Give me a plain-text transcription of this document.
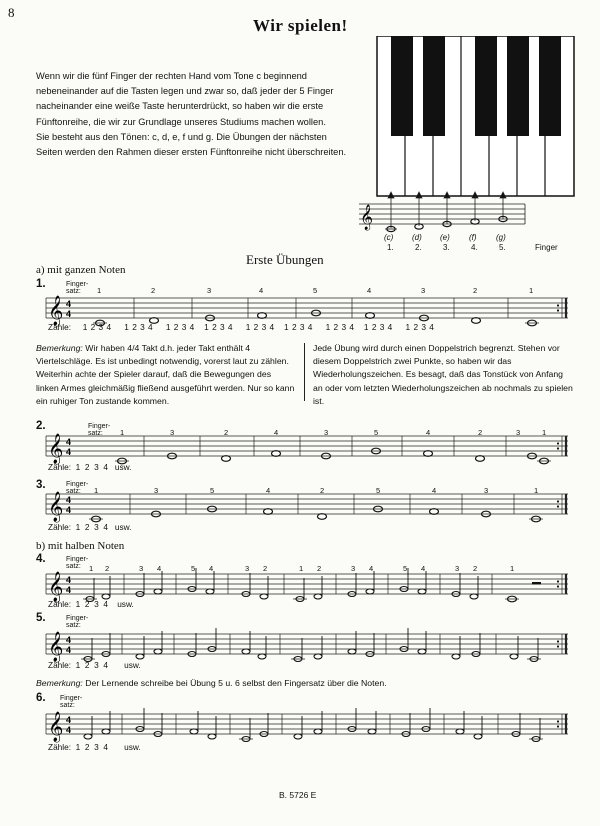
8
Wir spielen!

Wenn wir die fünf Finger der rechten Hand vom Tone c beginnend nebeneinander auf die Tasten legen und zwar so, daß jeder der 5 Finger nacheinander eine weiße Taste herunterdrückt, so haben wir die erste Fünftonreihe, die wir zur Grundlage unseres Studiums machen wollen.

Sie besteht aus den Tönen: c, d, e, f und g. Die Übungen der nächsten Seiten werden den Rahmen dieser ersten Fünftonreihe nicht überschreiten.

𝄞
(c) (d) (e) (f) (g)
1.	2.	3.	4.	5.	Finger
Erste Übungen
a) mit ganzen Noten
1.	Finger-
satz:
𝄞 4
4
1	2	3	4	5	4	3	2	1
Zähle: 1 2 3 4    1 2 3 4    1 2 3 4   1 2 3 4    1 2 3 4   1 2 3 4    1 2 3 4   1 2 3 4    1 2 3 4
Bemerkung: Wir haben 4/4 Takt d.h. jeder Takt enthält 4 Viertelschläge. Es ist unbedingt notwendig, vorerst laut zu zählen. Weiterhin achte der Spieler darauf, daß die Bewegungen des linken Armes gleichmäßig fließend ausgeführt werden. Nur so kann ein ruhiger Ton zustande kommen.
Jede Übung wird durch einen Doppelstrich begrenzt. Stehen vor diesem Doppelstrich zwei Punkte, so haben wir das Wiederholungszeichen. Es besagt, daß das Tonstück von Anfang an oder vom letzten Wiederholungszeichen ab nochmals zu spielen ist.
2.	Finger-
satz:
𝄞 4
4
1	3	2	4	3	5	4	2	3	1
Zähle:  1  2  3  4   usw.
3.	Finger-
satz:
𝄞 4
4
1	3	5	4	2	5	4	3	1
Zähle:  1  2  3  4   usw.
b) mit halben Noten
4.	Finger-
satz:
𝄞 4
4
1 2	3 4	5 4	3 2	1 2	3 4	5 4	3 2	1
Zähle:  1  2  3  4    usw.
5.	Finger-
satz:
𝄞 4
4
Zähle:  1  2  3  4       usw.
Bemerkung: Der Lernende schreibe bei Übung 5 u. 6 selbst den Fingersatz über die Noten.
6. Finger-
satz:
𝄞 4
4
Zähle:  1  2  3  4       usw.
B. 5726 E
